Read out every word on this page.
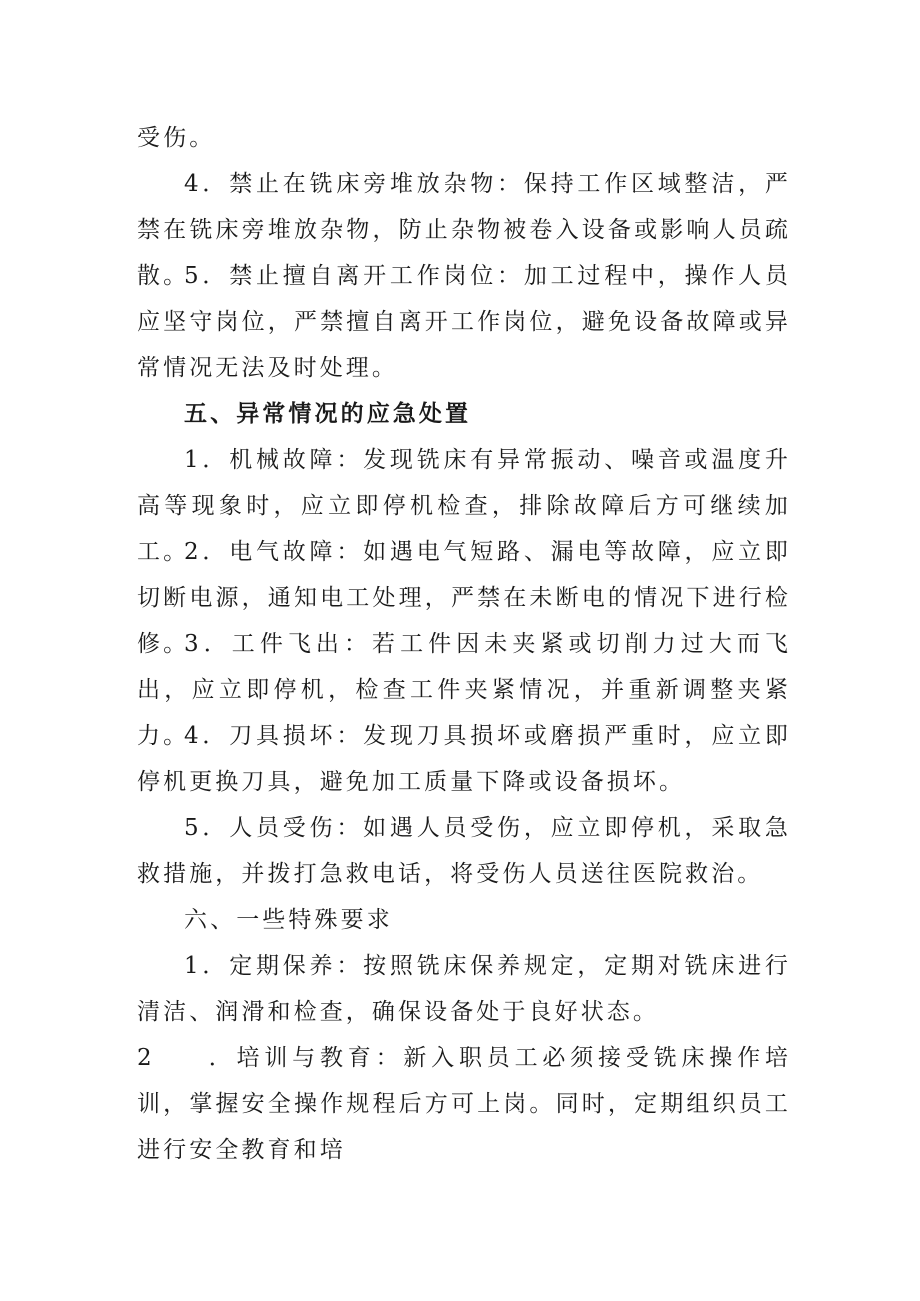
受伤。

4．禁止在铣床旁堆放杂物：保持工作区域整洁，严禁在铣床旁堆放杂物，防止杂物被卷入设备或影响人员疏散。

5．禁止擅自离开工作岗位：加工过程中，操作人员应坚守岗位，严禁擅自离开工作岗位，避免设备故障或异常情况无法及时处理。

五、异常情况的应急处置

1．机械故障：发现铣床有异常振动、噪音或温度升高等现象时，应立即停机检查，排除故障后方可继续加工。

2．电气故障：如遇电气短路、漏电等故障，应立即切断电源，通知电工处理，严禁在未断电的情况下进行检修。

3．工件飞出：若工件因未夹紧或切削力过大而飞出，应立即停机，检查工件夹紧情况，并重新调整夹紧力。

4．刀具损坏：发现刀具损坏或磨损严重时，应立即停机更换刀具，避免加工质量下降或设备损坏。

5．人员受伤：如遇人员受伤，应立即停机，采取急救措施，并拨打急救电话，将受伤人员送往医院救治。

六、一些特殊要求

1．定期保养：按照铣床保养规定，定期对铣床进行清洁、润滑和检查，确保设备处于良好状态。

2 ．培训与教育：新入职员工必须接受铣床操作培训，掌握安全操作规程后方可上岗。同时，定期组织员工进行安全教育和培
